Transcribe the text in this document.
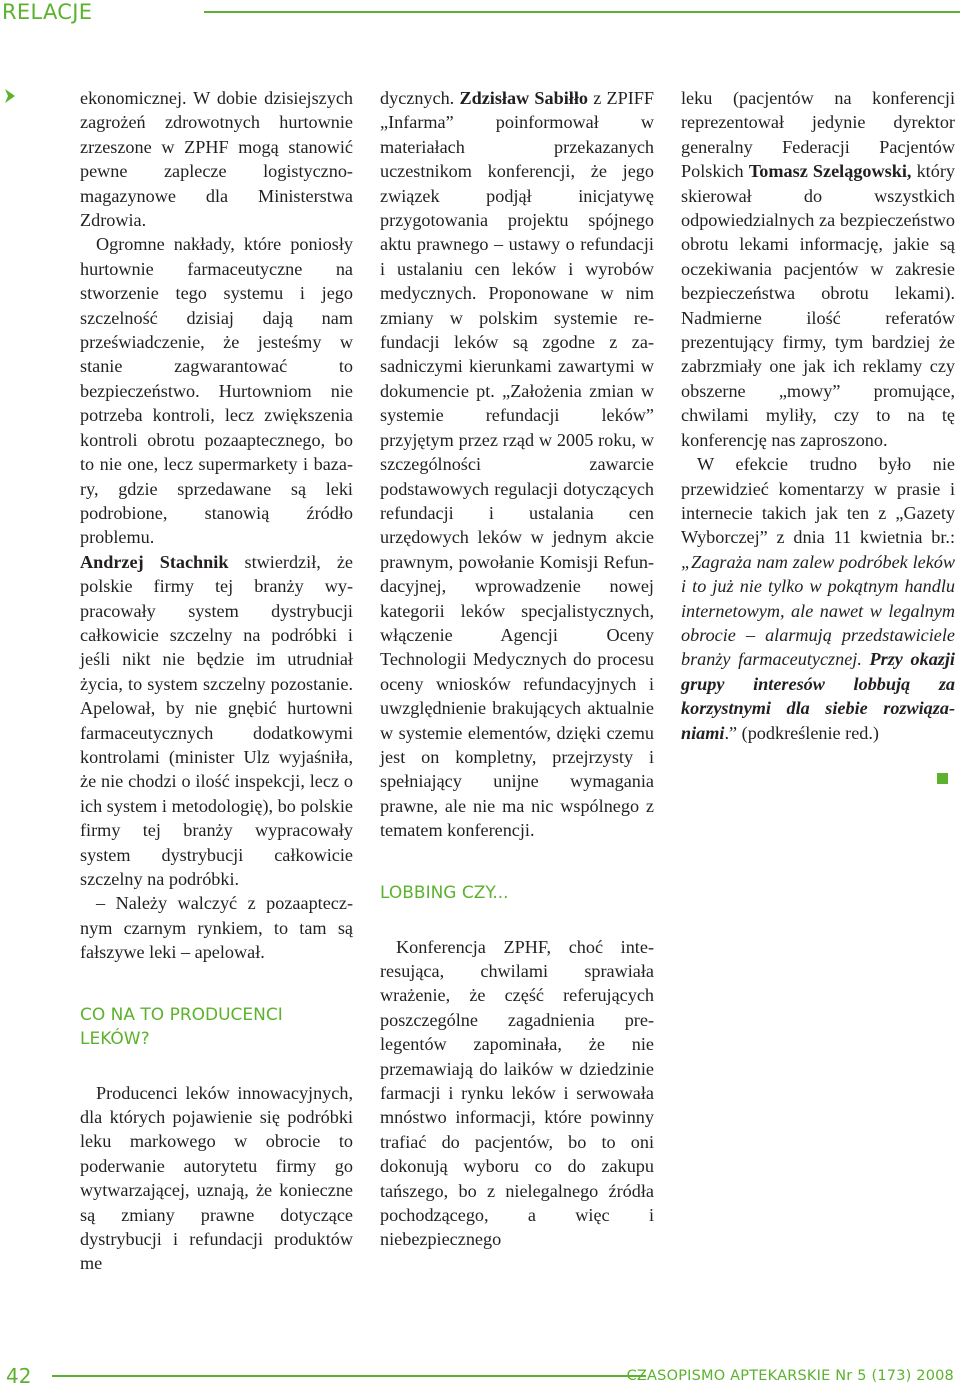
RELACJE

ekonomicznej. W dobie dzisiejszych zagrożeń zdrowotnych hurtownie zrzeszone w ZPHF mogą stanowić pewne zaplecze logistyczno-magazynowe dla Ministerstwa Zdrowia.

Ogromne nakłady, które poniosły hurtownie farmaceutyczne na stworzenie tego systemu i jego szczelność dzisiaj dają nam przeświadczenie, że jesteśmy w stanie zagwarantować to bezpieczeństwo. Hurtowniom nie potrzeba kontroli, lecz zwiększenia kontroli obrotu pozaaptecznego, bo to nie one, lecz supermarkety i bazary, gdzie sprzedawane są leki podrobione, stanowią źródło problemu.

Andrzej Stachnik stwierdził, że polskie firmy tej branży wypracowały system dystrybucji całkowicie szczelny na podróbki i jeśli nikt nie będzie im utrudniał życia, to system szczelny pozostanie. Apelował, by nie gnębić hurtowni farmaceutycznych dodatkowymi kontrolami (minister Ulz wyjaśniła, że nie chodzi o ilość inspekcji, lecz o ich system i metodologię), bo polskie firmy tej branży wypracowały system dystrybucji całkowicie szczelny na podróbki.

– Należy walczyć z pozaaptecznym czarnym rynkiem, to tam są fałszywe leki – apelował.

CO NA TO PRODUCENCI LEKÓW?

Producenci leków innowacyjnych, dla których pojawienie się podróbki leku markowego w obrocie to poderwanie autorytetu firmy go wytwarzającej, uznają, że konieczne są zmiany prawne dotyczące dystrybucji i refundacji produktów me

dycznych. Zdzisław Sabiłło z ZPIFF „Infarma” poinformował w materiałach przekazanych uczestnikom konferencji, że jego związek podjął inicjatywę przygotowania projektu spójnego aktu prawnego – ustawy o refundacji i ustalaniu cen leków i wyrobów medycznych. Proponowane w nim zmiany w polskim systemie refundacji leków są zgodne z zasadniczymi kierunkami zawartymi w dokumencie pt. „Założenia zmian w systemie refundacji leków” przyjętym przez rząd w 2005 roku, w szczególności zawarcie podstawowych regulacji dotyczących refundacji i ustalania cen urzędowych leków w jednym akcie prawnym, powołanie Komisji Refundacyjnej, wprowadzenie nowej kategorii leków specjalistycznych, włączenie Agencji Oceny Technologii Medycznych do procesu oceny wniosków refundacyjnych i uwzględnienie brakujących aktualnie w systemie elementów, dzięki czemu jest on kompletny, przejrzysty i spełniający unijne wymagania prawne, ale nie ma nic wspólnego z tematem konferencji.

LOBBING CZY...

Konferencja ZPHF, choć interesująca, chwilami sprawiała wrażenie, że część referujących poszczególne zagadnienia prelegentów zapominała, że nie przemawiają do laików w dziedzinie farmacji i rynku leków i serwowała mnóstwo informacji, które powinny trafiać do pacjentów, bo to oni dokonują wyboru co do zakupu tańszego, bo z nielegalnego źródła pochodzącego, a więc i niebezpiecznego

leku (pacjentów na konferencji reprezentował jedynie dyrektor generalny Federacji Pacjentów Polskich Tomasz Szelągowski, który skierował do wszystkich odpowiedzialnych za bezpieczeństwo obrotu lekami informację, jakie są oczekiwania pacjentów w zakresie bezpieczeństwa obrotu lekami). Nadmierne ilość referatów prezentujący firmy, tym bardziej że zabrzmiały one jak ich reklamy czy obszerne „mowy” promujące, chwilami myliły, czy to na tę konferencję nas zaproszono.

W efekcie trudno było nie przewidzieć komentarzy w prasie i internecie takich jak ten z „Gazety Wyborczej” z dnia 11 kwietnia br.: „Zagraża nam zalew podróbek leków i to już nie tylko w pokątnym handlu internetowym, ale nawet w legalnym obrocie – alarmują przedstawiciele branży farmaceutycznej. Przy okazji grupy interesów lobbują za korzystnymi dla siebie rozwiązaniami.” (podkreślenie red.)

42	CZASOPISMO APTEKARSKIE Nr 5 (173) 2008
